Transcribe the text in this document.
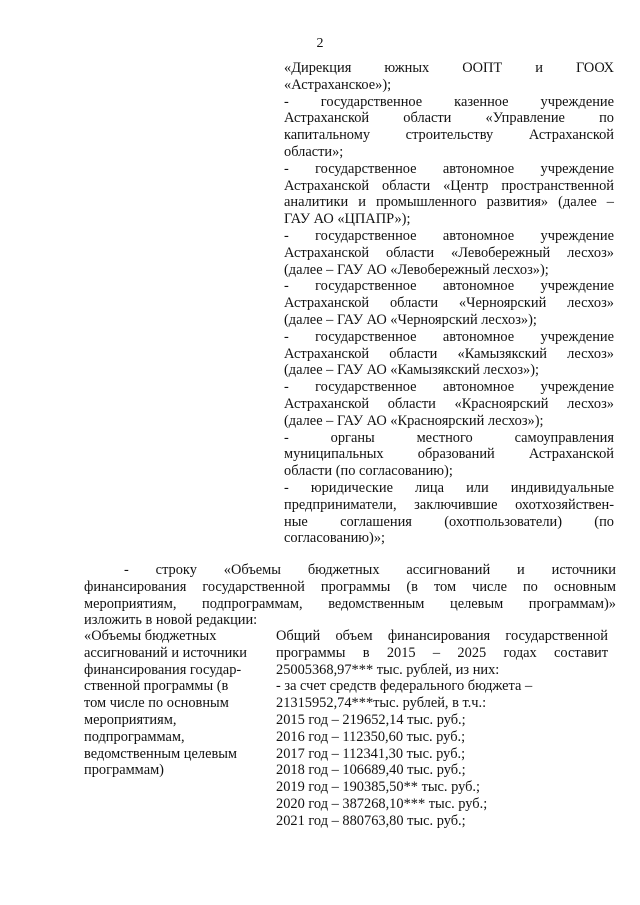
2
«Дирекция южных ООПТ и ГООХ
«Астраханское»);
- государственное казенное учреждение
Астраханской области «Управление по
капитальному строительству Астраханской
области»;
- государственное автономное учреждение
Астраханской области «Центр пространственной
аналитики и промышленного развития» (далее –
ГАУ АО «ЦПАПР»);
- государственное автономное учреждение
Астраханской области «Левобережный лесхоз»
(далее – ГАУ АО «Левобережный лесхоз»);
- государственное автономное учреждение
Астраханской области «Черноярский лесхоз»
(далее – ГАУ АО «Черноярский лесхоз»);
- государственное автономное учреждение
Астраханской области «Камызякский лесхоз»
(далее – ГАУ АО «Камызякский лесхоз»);
- государственное автономное учреждение
Астраханской области «Красноярский лесхоз»
(далее – ГАУ АО «Красноярский лесхоз»);
- органы местного самоуправления
муниципальных образований Астраханской
области (по согласованию);
- юридические лица или индивидуальные
предприниматели, заключившие охотхозяйствен-
ные соглашения (охотпользователи) (по
согласованию)»;
- строку «Объемы бюджетных ассигнований и источники
финансирования государственной программы (в том числе по основным
мероприятиям, подпрограммам, ведомственным целевым программам)»
изложить в новой редакции:
«Объемы бюджетных
ассигнований и источники
финансирования государ-
ственной программы (в
том числе по основным
мероприятиям,
подпрограммам,
ведомственным целевым
программам)
Общий объем финансирования государственной
программы в 2015 – 2025 годах составит
25005368,97*** тыс. рублей, из них:
- за счет средств федерального бюджета –
21315952,74***тыс. рублей, в т.ч.:
2015 год – 219652,14 тыс. руб.;
2016 год – 112350,60 тыс. руб.;
2017 год – 112341,30 тыс. руб.;
2018 год – 106689,40 тыс. руб.;
2019 год – 190385,50** тыс. руб.;
2020 год – 387268,10*** тыс. руб.;
2021 год – 880763,80 тыс. руб.;
